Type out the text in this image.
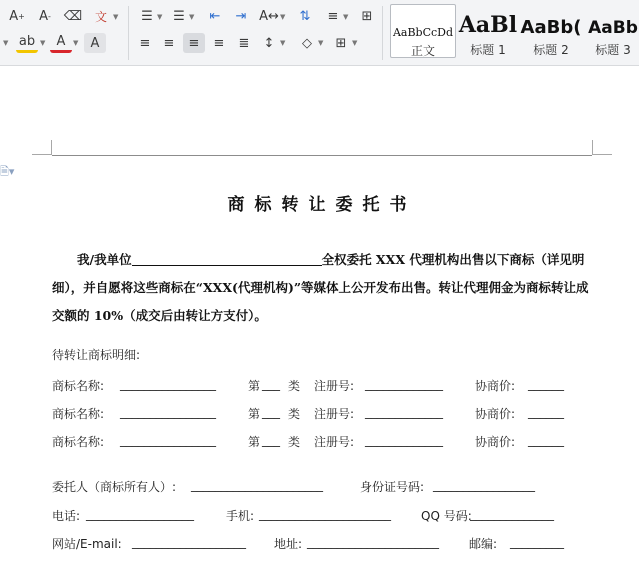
A +	A - ⌫	文 ▼	☰ ▼ ☰ ▼	⇤	⇥ A↔ ▼	⇅	≡ ▼	⊞
▼ ab ▼ A	▼ A	≡	≡	≡	≡	≣	↕ ▼	◇ ▼ ⊞ ▼
AaBbCcDd
正文
AaBl
标题 1
AaBb(
标题 2
AaBb
标题 3
🗎▾
商标转让委托书
我/我单位	全权委托 XXX 代理机构出售以下商标（详见明细），并自愿将这些商标在“XXX(代理机构)”等媒体上公开发布出售。转让代理佣金为商标转让成交额的 10%（成交后由转让方支付）。
待转让商标明细:
商标名称: ________________	第 ___ 类 注册号: _____________	协商价: ______
商标名称: ________________	第 ___ 类 注册号: _____________	协商价: ______
商标名称: ________________	第 ___ 类 注册号: _____________	协商价: ______
委托人（商标所有人）: ______________________	身份证号码: _________________
电话: __________________	手机: ______________________	QQ 号码:
______________
网站/E-mail: ___________________ 地址: ______________________	邮编: _________
